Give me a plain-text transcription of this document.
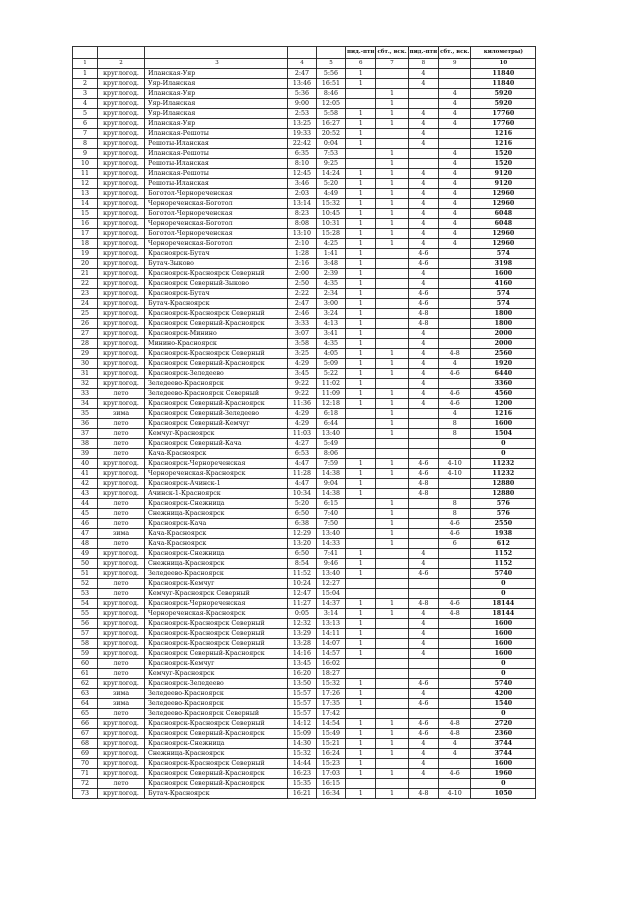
					пид.-птн	сбт., вск.	пид.-птн	сбт., вск.	километры)
1	2	3	4	5	6	7	8	9	10
1	круглогод.	Иланская-Уяр	2:47	5:56	1		4		11840
2	круглогод.	Уяр-Иланская	13:46	16:51	1		4		11840
3	круглогод.	Иланская-Уяр	5:36	8:46		1		4	5920
4	круглогод.	Уяр-Иланская	9:00	12:05		1		4	5920
5	круглогод.	Уяр-Иланская	2:53	5:58	1	1	4	4	17760
6	круглогод.	Иланская-Уяр	13:25	16:27	1	1	4	4	17760
7	круглогод.	Иланская-Решоты	19:33	20:52	1		4		1216
8	круглогод.	Решоты-Иланская	22:42	0:04	1		4		1216
9	круглогод.	Иланская-Решоты	6:35	7:53		1		4	1520
10	круглогод.	Решоты-Иланская	8:10	9:25		1		4	1520
11	круглогод.	Иланская-Решоты	12:45	14:24	1	1	4	4	9120
12	круглогод.	Решоты-Иланская	3:46	5:20	1	1	4	4	9120
13	круглогод.	Боготол-Чернореченская	2:03	4:49	1	1	4	4	12960
14	круглогод.	Чернореченская-Боготол	13:14	15:32	1	1	4	4	12960
15	круглогод.	Боготол-Чернореченская	8:23	10:45	1	1	4	4	6048
16	круглогод.	Чернореченская-Боготол	8:08	10:31	1	1	4	4	6048
17	круглогод.	Боготол-Чернореченская	13:10	15:28	1	1	4	4	12960
18	круглогод.	Чернореченская-Боготол	2:10	4:25	1	1	4	4	12960
19	круглогод.	Красноярск-Бутач	1:28	1:41	1		4-6		574
20	круглогод.	Бутач-Зыково	2:16	3:48	1		4-6		3198
21	круглогод.	Красноярск-Красноярск Северный	2:00	2:39	1		4		1600
22	круглогод.	Красноярск Северный-Зыково	2:50	4:35	1		4		4160
23	круглогод.	Красноярск-Бутач	2:22	2:34	1		4-6		574
24	круглогод.	Бутач-Красноярск	2:47	3:00	1		4-6		574
25	круглогод.	Красноярск-Красноярск Северный	2:46	3:24	1		4-8		1800
26	круглогод.	Красноярск Северный-Красноярск	3:33	4:13	1		4-8		1800
27	круглогод.	Красноярск-Минино	3:07	3:41	1		4		2000
28	круглогод.	Минино-Красноярск	3:58	4:35	1		4		2000
29	круглогод.	Красноярск-Красноярск Северный	3:25	4:05	1	1	4	4-8	2560
30	круглогод.	Красноярск Северный-Красноярск	4:29	5:09	1	1	4	4	1920
31	круглогод.	Красноярск-Зеледеево	3:45	5:22	1	1	4	4-6	6440
32	круглогод.	Зеледеево-Красноярск	9:22	11:02	1		4		3360
33	лето	Зеледеево-Красноярск Северный	9:22	11:09	1	1	4	4-6	4560
34	круглогод.	Красноярск Северный-Красноярск	11:36	12:18	1	1	4	4-6	1200
35	зима	Красноярск Северный-Зеледеево	4:29	6:18		1		4	1216
36	лето	Красноярск Северный-Кемчуг	4:29	6:44		1		8	1600
37	лето	Кемчуг-Красноярск	11:03	13:40		1		8	1504
38	лето	Красноярск Северный-Кача	4:27	5:49					0
39	лето	Кача-Красноярск	6:53	8:06					0
40	круглогод.	Красноярск-Чернореченская	4:47	7:59	1	1	4-6	4-10	11232
41	круглогод.	Чернореченская-Красноярск	11:28	14:38	1	1	4-6	4-10	11232
42	круглогод.	Красноярск-Ачинск-1	4:47	9:04	1		4-8		12880
43	круглогод.	Ачинск-1-Красноярск	10:34	14:38	1		4-8		12880
44	лето	Красноярск-Снежница	5:20	6:15		1		8	576
45	лето	Снежница-Красноярск	6:50	7:40		1		8	576
46	лето	Красноярск-Кача	6:38	7:50		1		4-6	2550
47	зима	Кача-Красноярск	12:29	13:40		1		4-6	1938
48	лето	Кача-Красноярск	13:20	14:33		1		6	612
49	круглогод.	Красноярск-Снежница	6:50	7:41	1		4		1152
50	круглогод.	Снежница-Красноярск	8:54	9:46	1		4		1152
51	круглогод.	Зеледеево-Красноярск	11:52	13:40	1		4-6		5740
52	лето	Красноярск-Кемчуг	10:24	12:27					0
53	лето	Кемчуг-Красноярск Северный	12:47	15:04					0
54	круглогод.	Красноярск-Чернореченская	11:27	14:37	1	1	4-8	4-6	18144
55	круглогод.	Чернореченская-Красноярск	0:05	3:14	1	1	4	4-8	18144
56	круглогод.	Красноярск-Красноярск Северный	12:32	13:13	1		4		1600
57	круглогод.	Красноярск-Красноярск Северный	13:29	14:11	1		4		1600
58	круглогод.	Красноярск-Красноярск Северный	13:28	14:07	1		4		1600
59	круглогод.	Красноярск Северный-Красноярск	14:16	14:57	1		4		1600
60	лето	Красноярск-Кемчуг	13:45	16:02					0
61	лето	Кемчуг-Красноярск	16:20	18:27					0
62	круглогод.	Красноярск-Зеледеево	13:50	15:32	1		4-6		5740
63	зима	Зеледеево-Красноярск	15:57	17:26	1		4		4200
64	зима	Зеледеево-Красноярск	15:57	17:35	1		4-6		1540
65	лето	Зеледеево-Красноярск Северный	15:57	17:42					0
66	круглогод.	Красноярск-Красноярск Северный	14:12	14:54	1	1	4-6	4-8	2720
67	круглогод.	Красноярск Северный-Красноярск	15:09	15:49	1	1	4-6	4-8	2360
68	круглогод.	Красноярск-Снежница	14:30	15:21	1	1	4	4	3744
69	круглогод.	Снежница-Красноярск	15:32	16:24	1	1	4	4	3744
70	круглогод.	Красноярск-Красноярск Северный	14:44	15:23	1		4		1600
71	круглогод.	Красноярск Северный-Красноярск	16:23	17:03	1	1	4	4-6	1960
72	лето	Красноярск Северный-Красноярск	15:35	16:15					0
73	круглогод.	Бутач-Красноярск	16:21	16:34	1	1	4-8	4-10	1050
